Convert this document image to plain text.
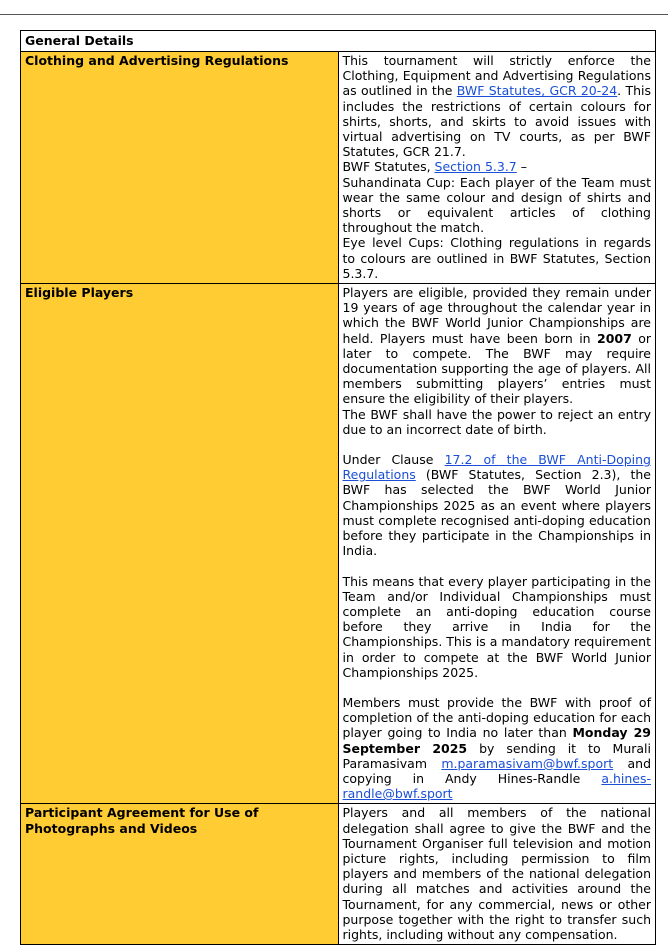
General Details	
Clothing and Advertising Regulations	This tournament will strictly enforce the Clothing, Equipment and Advertising Regulations as outlined in the BWF Statutes, GCR 20-24. This includes the restrictions of certain colours for shirts, shorts, and skirts to avoid issues with virtual advertising on TV courts, as per BWF Statutes, GCR 21.7.

BWF Statutes, Section 5.3.7 –

Suhandinata Cup: Each player of the Team must wear the same colour and design of shirts and shorts or equivalent articles of clothing throughout the match.

Eye level Cups: Clothing regulations in regards to colours are outlined in BWF Statutes, Section 5.3.7.

Eligible Players	Players are eligible, provided they remain under 19 years of age throughout the calendar year in which the BWF World Junior Championships are held. Players must have been born in 2007 or later to compete. The BWF may require documentation supporting the age of players. All members submitting players’ entries must ensure the eligibility of their players.

The BWF shall have the power to reject an entry due to an incorrect date of birth.

Under Clause 17.2 of the BWF Anti-Doping Regulations (BWF Statutes, Section 2.3), the BWF has selected the BWF World Junior Championships 2025 as an event where players must complete recognised anti-doping education before they participate in the Championships in India.

This means that every player participating in the Team and/or Individual Championships must complete an anti-doping education course before they arrive in India for the Championships. This is a mandatory requirement in order to compete at the BWF World Junior Championships 2025.

Members must provide the BWF with proof of completion of the anti-doping education for each player going to India no later than Monday 29 September 2025 by sending it to Murali Paramasivam m.paramasivam@bwf.sport and copying in Andy Hines-Randle a.hines-randle@bwf.sport

Participant Agreement for Use of Photographs and Videos	Players and all members of the national delegation shall agree to give the BWF and the Tournament Organiser full television and motion picture rights, including permission to film players and members of the national delegation during all matches and activities around the Tournament, for any commercial, news or other purpose together with the right to transfer such rights, including without any compensation.
